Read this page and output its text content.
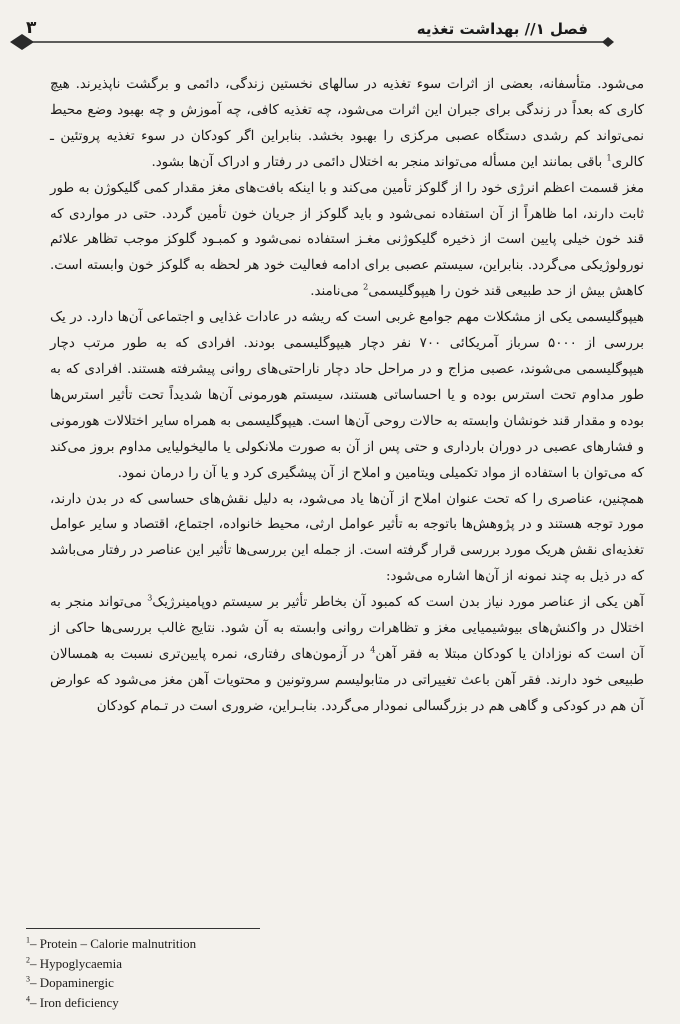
فصل ۱// بهداشت تغذیه
۳

می‌شود. متأسفانه، بعضی از اثرات سوء تغذیه در سالهای نخستین زندگی، دائمی و برگشت ناپذیرند. هیچ کاری که بعداً در زندگی برای جبران این اثرات می‌شود، چه تغذیه کافی، چه آموزش و چه بهبود وضع محیط نمی‌تواند کم رشدی دستگاه عصبی مرکزی را بهبود بخشد. بنابراین اگر کودکان در سوء تغذیه پروتئین ـ کالری$^1$ باقی بمانند این مسأله می‌تواند منجر به اختلال دائمی در رفتار و ادراک آن‌ها بشود.

مغز قسمت اعظم انرژی خود را از گلوکز تأمین می‌کند و با اینکه بافت‌های مغز مقدار کمی گلیکوژن به طور ثابت دارند، اما ظاهراً از آن استفاده نمی‌شود و باید گلوکز از جریان خون تأمین گردد. حتی در مواردی که قند خون خیلی پایین است از ذخیره گلیکوژنی مغـز استفاده نمی‌شود و کمبـود گلوکز موجب تظاهر علائم نورولوژیکی می‌گردد. بنابراین، سیستم عصبی برای ادامه فعالیت خود هر لحظه به گلوکز خون وابسته است. کاهش بیش از حد طبیعی قند خون را هیپوگلیسمی$^2$ می‌نامند.

هیپوگلیسمی یکی از مشکلات مهم جوامع غربی است که ریشه در عادات غذایی و اجتماعی آن‌ها دارد. در یک بررسی از ۵۰۰۰ سرباز آمریکائی ۷۰۰ نفر دچار هیپوگلیسمی بودند. افرادی که به طور مرتب دچار هیپوگلیسمی می‌شوند، عصبی مزاج و در مراحل حاد دچار ناراحتی‌های روانی پیشرفته هستند. افرادی که به طور مداوم تحت استرس بوده و یا احساساتی هستند، سیستم هورمونی آن‌ها شدیداً تحت تأثیر استرس‌ها بوده و مقدار قند خونشان وابسته به حالات روحی آن‌ها است. هیپوگلیسمی به همراه سایر اختلالات هورمونی و فشارهای عصبی در دوران بارداری و حتی پس از آن به صورت ملانکولی یا مالیخولیایی مداوم بروز می‌کند که می‌توان با استفاده از مواد تکمیلی ویتامین و املاح از آن پیشگیری کرد و یا آن را درمان نمود.

همچنین، عناصری را که تحت عنوان املاح از آن‌ها یاد می‌شود، به دلیل نقش‌های حساسی که در بدن دارند، مورد توجه هستند و در پژوهش‌ها باتوجه به تأثیر عوامل ارثی، محیط خانواده، اجتماع، اقتصاد و سایر عوامل تغذیه‌ای نقش هریک مورد بررسی قرار گرفته است. از جمله این بررسی‌ها تأثیر این عناصر در رفتار می‌باشد که در ذیل به چند نمونه از آن‌ها اشاره می‌شود:

آهن یکی از عناصر مورد نیاز بدن است که کمبود آن بخاطر تأثیر بر سیستم دوپامینرژیک$^3$ می‌تواند منجر به اختلال در واکنش‌های بیوشیمیایی مغز و تظاهرات روانی وابسته به آن شود. نتایج غالب بررسی‌ها حاکی از آن است که نوزادان یا کودکان مبتلا به فقر آهن$^4$ در آزمون‌های رفتاری، نمره پایین‌تری نسبت به همسالان طبیعی خود دارند. فقر آهن باعث تغییراتی در متابولیسم سروتونین و محتویات آهن مغز می‌شود که عوارض آن هم در کودکی و گاهی هم در بزرگسالی نمودار می‌گردد. بنابـراین، ضروری است در تـمام کودکان

$^1$– Protein – Calorie malnutrition
$^2$– Hypoglycaemia
$^3$– Dopaminergic
$^4$– Iron deficiency
